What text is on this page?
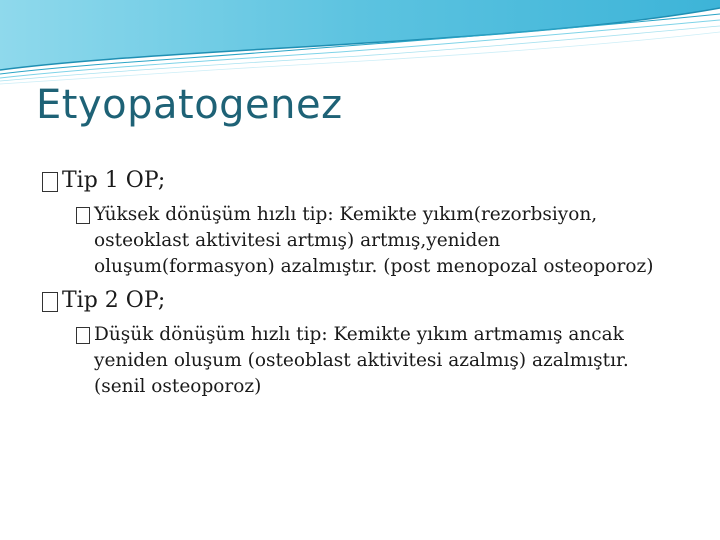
Etyopatogenez
Tip 1 OP;
Yüksek dönüşüm hızlı tip: Kemikte yıkım(rezorbsiyon, osteoklast aktivitesi artmış) artmış,yeniden oluşum(formasyon) azalmıştır. (post menopozal osteoporoz)
Tip 2 OP;
Düşük dönüşüm hızlı tip: Kemikte yıkım artmamış ancak yeniden oluşum (osteoblast aktivitesi azalmış) azalmıştır. (senil osteoporoz)
